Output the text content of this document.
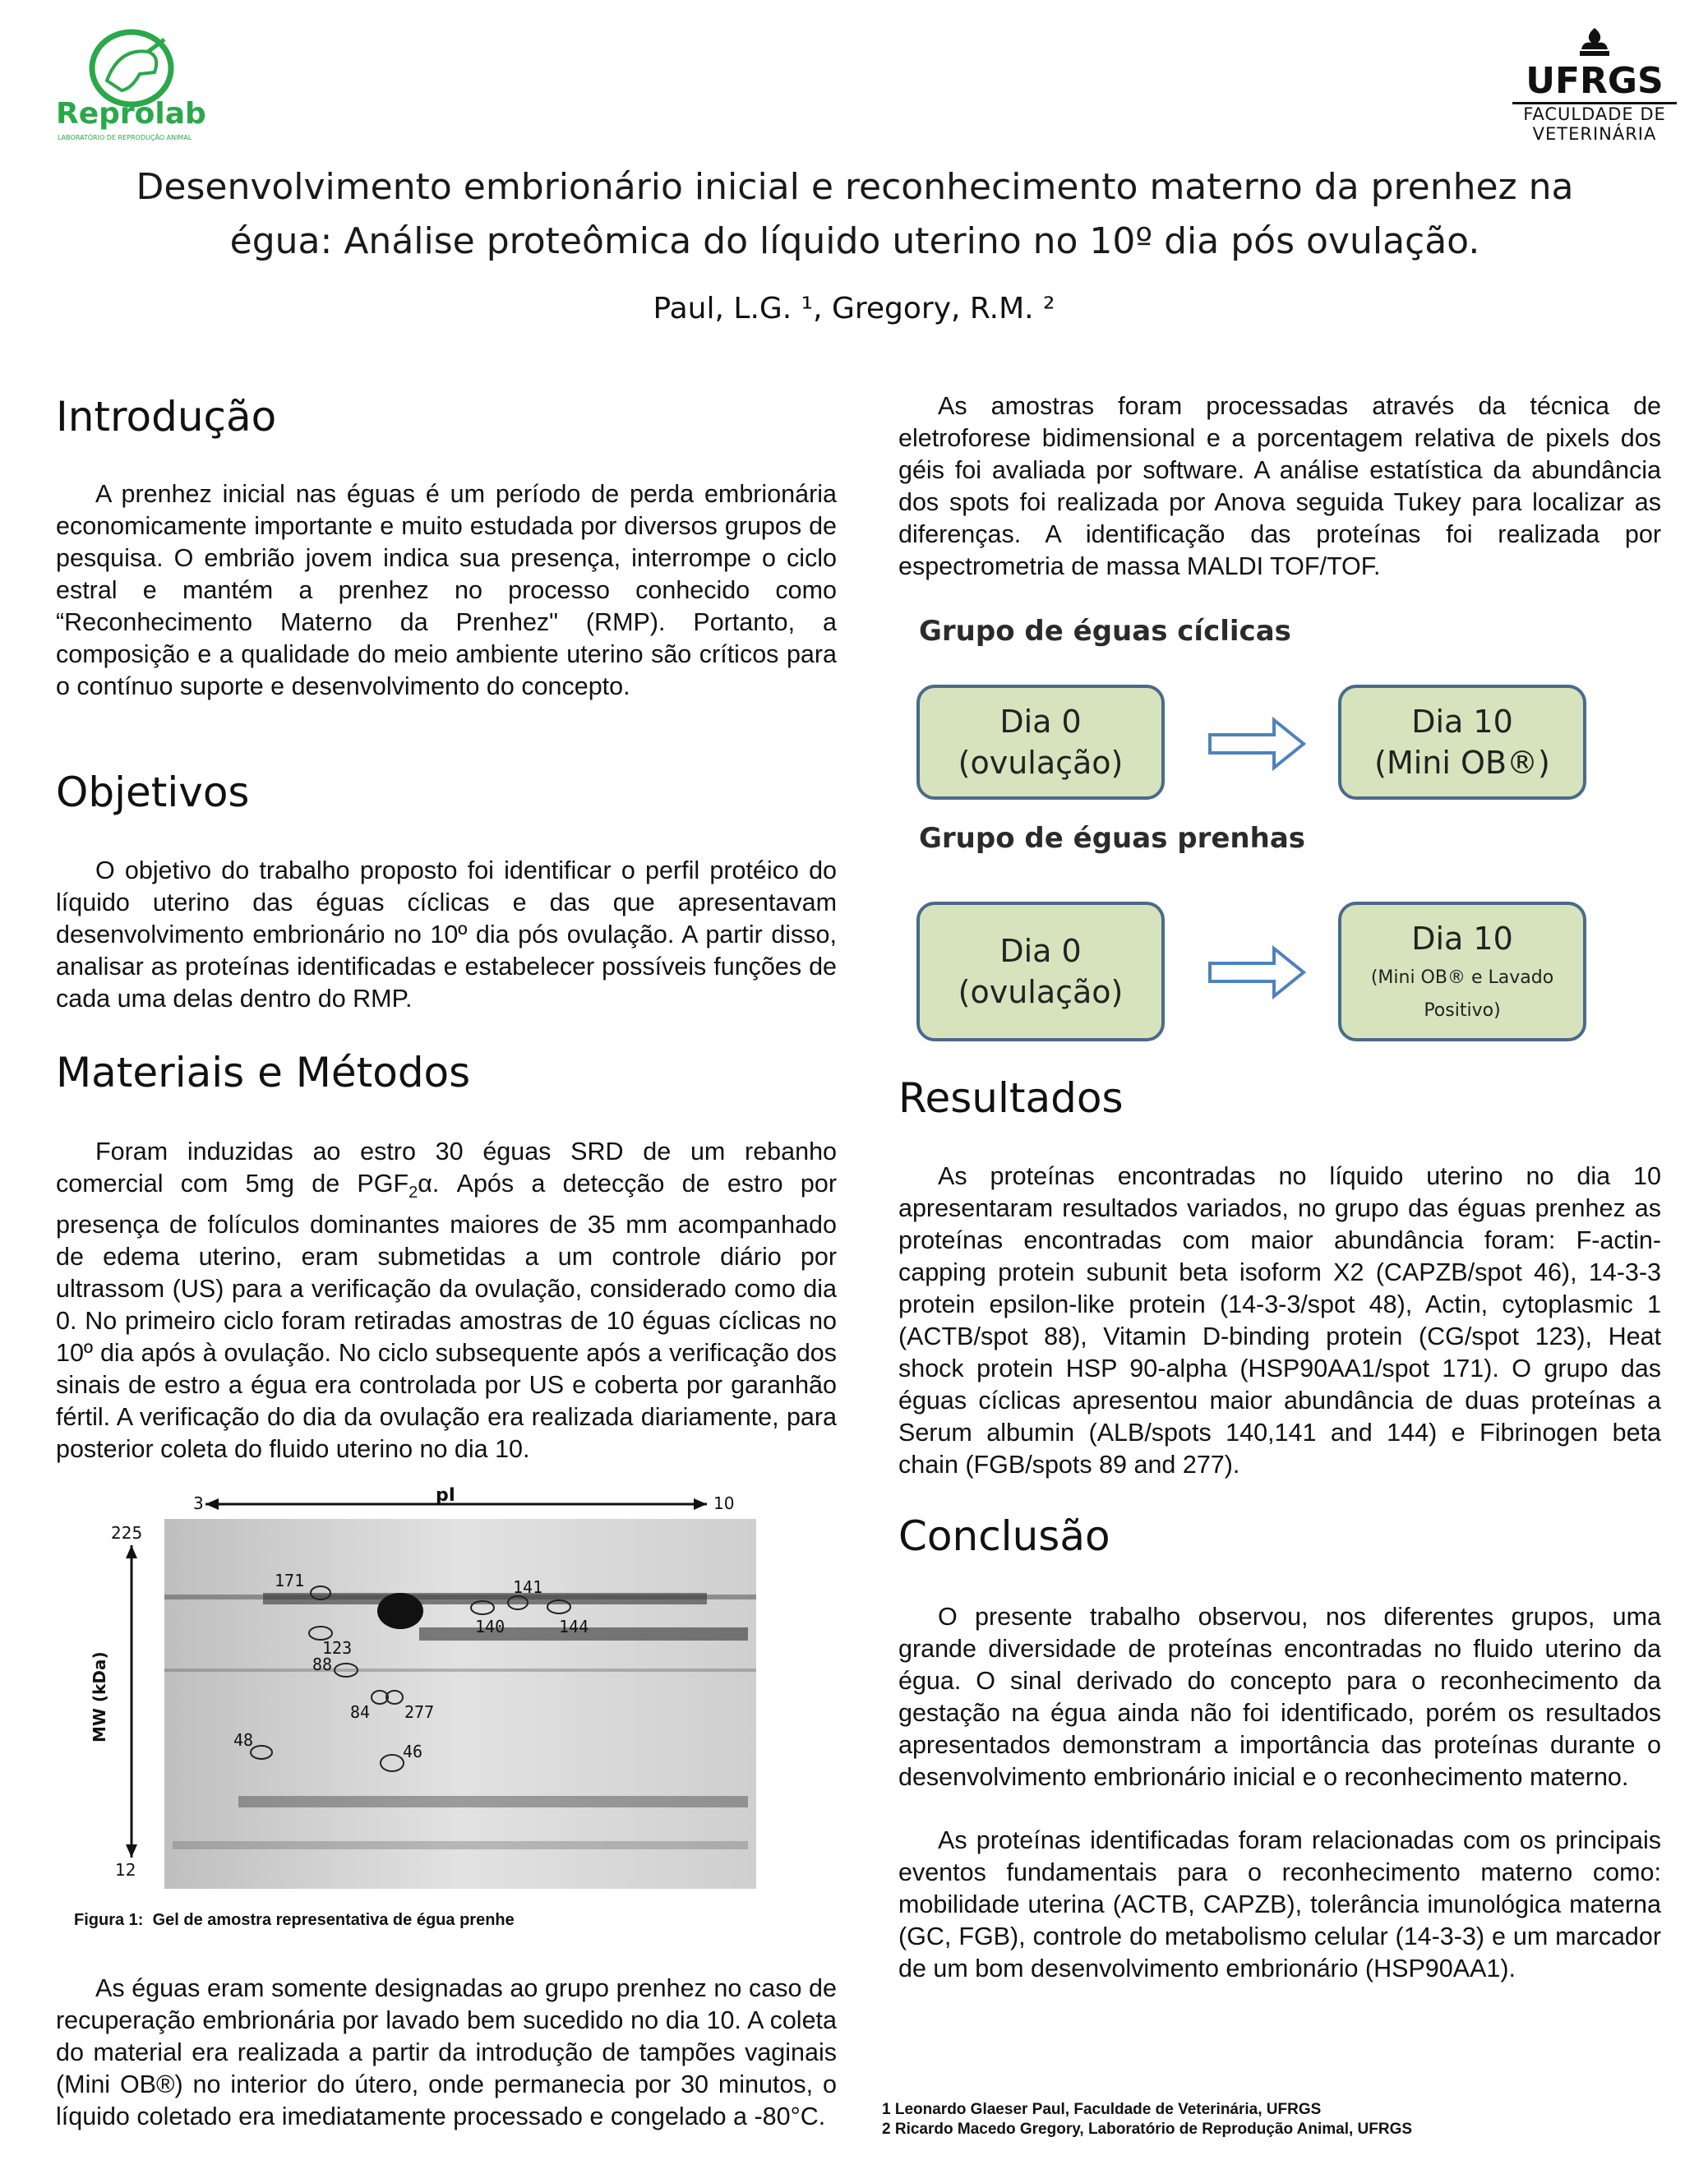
Reprolab
LABORATÓRIO DE REPRODUÇÃO ANIMAL
UFRGS
FACULDADE DE
VETERINÁRIA
Desenvolvimento embrionário inicial e reconhecimento materno da prenhez na
égua: Análise proteômica do líquido uterino no 10º dia pós ovulação.
Paul, L.G. ¹, Gregory, R.M. ²
Introdução
A prenhez inicial nas éguas é um período de perda embrionária economicamente importante e muito estudada por diversos grupos de pesquisa. O embrião jovem indica sua presença, interrompe o ciclo estral e mantém a prenhez no processo conhecido como “Reconhecimento Materno da Prenhez" (RMP). Portanto, a composição e a qualidade do meio ambiente uterino são críticos para o contínuo suporte e desenvolvimento do concepto.
Objetivos
O objetivo do trabalho proposto foi identificar o perfil protéico do líquido uterino das éguas cíclicas e das que apresentavam desenvolvimento embrionário no 10º dia pós ovulação. A partir disso, analisar as proteínas identificadas e estabelecer possíveis funções de cada uma delas dentro do RMP.
Materiais e Métodos
Foram induzidas ao estro 30 éguas SRD de um rebanho comercial com 5mg de $PGF_2\alpha$. Após a detecção de estro por presença de folículos dominantes maiores de 35 mm acompanhado de edema uterino, eram submetidas a um controle diário por ultrassom (US) para a verificação da ovulação, considerado como dia 0. No primeiro ciclo foram retiradas amostras de 10 éguas cíclicas no 10º dia após à ovulação. No ciclo subsequente após a verificação dos sinais de estro a égua era controlada por US e coberta por garanhão fértil. A verificação do dia da ovulação era realizada diariamente, para posterior coleta do fluido uterino no dia 10.
171	141
140	144
123
88
84 277
48
46
3	10
pI
225
12
MW (kDa)
Figura 1: Gel de amostra representativa de égua prenhe
As éguas eram somente designadas ao grupo prenhez no caso de recuperação embrionária por lavado bem sucedido no dia 10. A coleta do material era realizada a partir da introdução de tampões vaginais (Mini OB®) no interior do útero, onde permanecia por 30 minutos, o líquido coletado era imediatamente processado e congelado a -80°C.
As amostras foram processadas através da técnica de eletroforese bidimensional e a porcentagem relativa de pixels dos géis foi avaliada por software. A análise estatística da abundância dos spots foi realizada por Anova seguida Tukey para localizar as diferenças. A identificação das proteínas foi realizada por espectrometria de massa MALDI TOF/TOF.
Grupo de éguas cíclicas
Dia 0
(ovulação)
Dia 10
(Mini OB®)
Grupo de éguas prenhas
Dia 0
(ovulação)
Dia 10
(Mini OB® e Lavado
Positivo)
Resultados
As proteínas encontradas no líquido uterino no dia 10 apresentaram resultados variados, no grupo das éguas prenhez as proteínas encontradas com maior abundância foram: F-actin-capping protein subunit beta isoform X2 (CAPZB/spot 46), 14-3-3 protein epsilon-like protein (14-3-3/spot 48), Actin, cytoplasmic 1 (ACTB/spot 88), Vitamin D-binding protein (CG/spot 123), Heat shock protein HSP 90-alpha (HSP90AA1/spot 171). O grupo das éguas cíclicas apresentou maior abundância de duas proteínas a Serum albumin (ALB/spots 140,141 and 144) e Fibrinogen beta chain (FGB/spots 89 and 277).
Conclusão
O presente trabalho observou, nos diferentes grupos, uma grande diversidade de proteínas encontradas no fluido uterino da égua. O sinal derivado do concepto para o reconhecimento da gestação na égua ainda não foi identificado, porém os resultados apresentados demonstram a importância das proteínas durante o desenvolvimento embrionário inicial e o reconhecimento materno.
As proteínas identificadas foram relacionadas com os principais eventos fundamentais para o reconhecimento materno como: mobilidade uterina (ACTB, CAPZB), tolerância imunológica materna (GC, FGB), controle do metabolismo celular (14-3-3) e um marcador de um bom desenvolvimento embrionário (HSP90AA1).
1 Leonardo Glaeser Paul, Faculdade de Veterinária, UFRGS
2 Ricardo Macedo Gregory, Laboratório de Reprodução Animal, UFRGS
